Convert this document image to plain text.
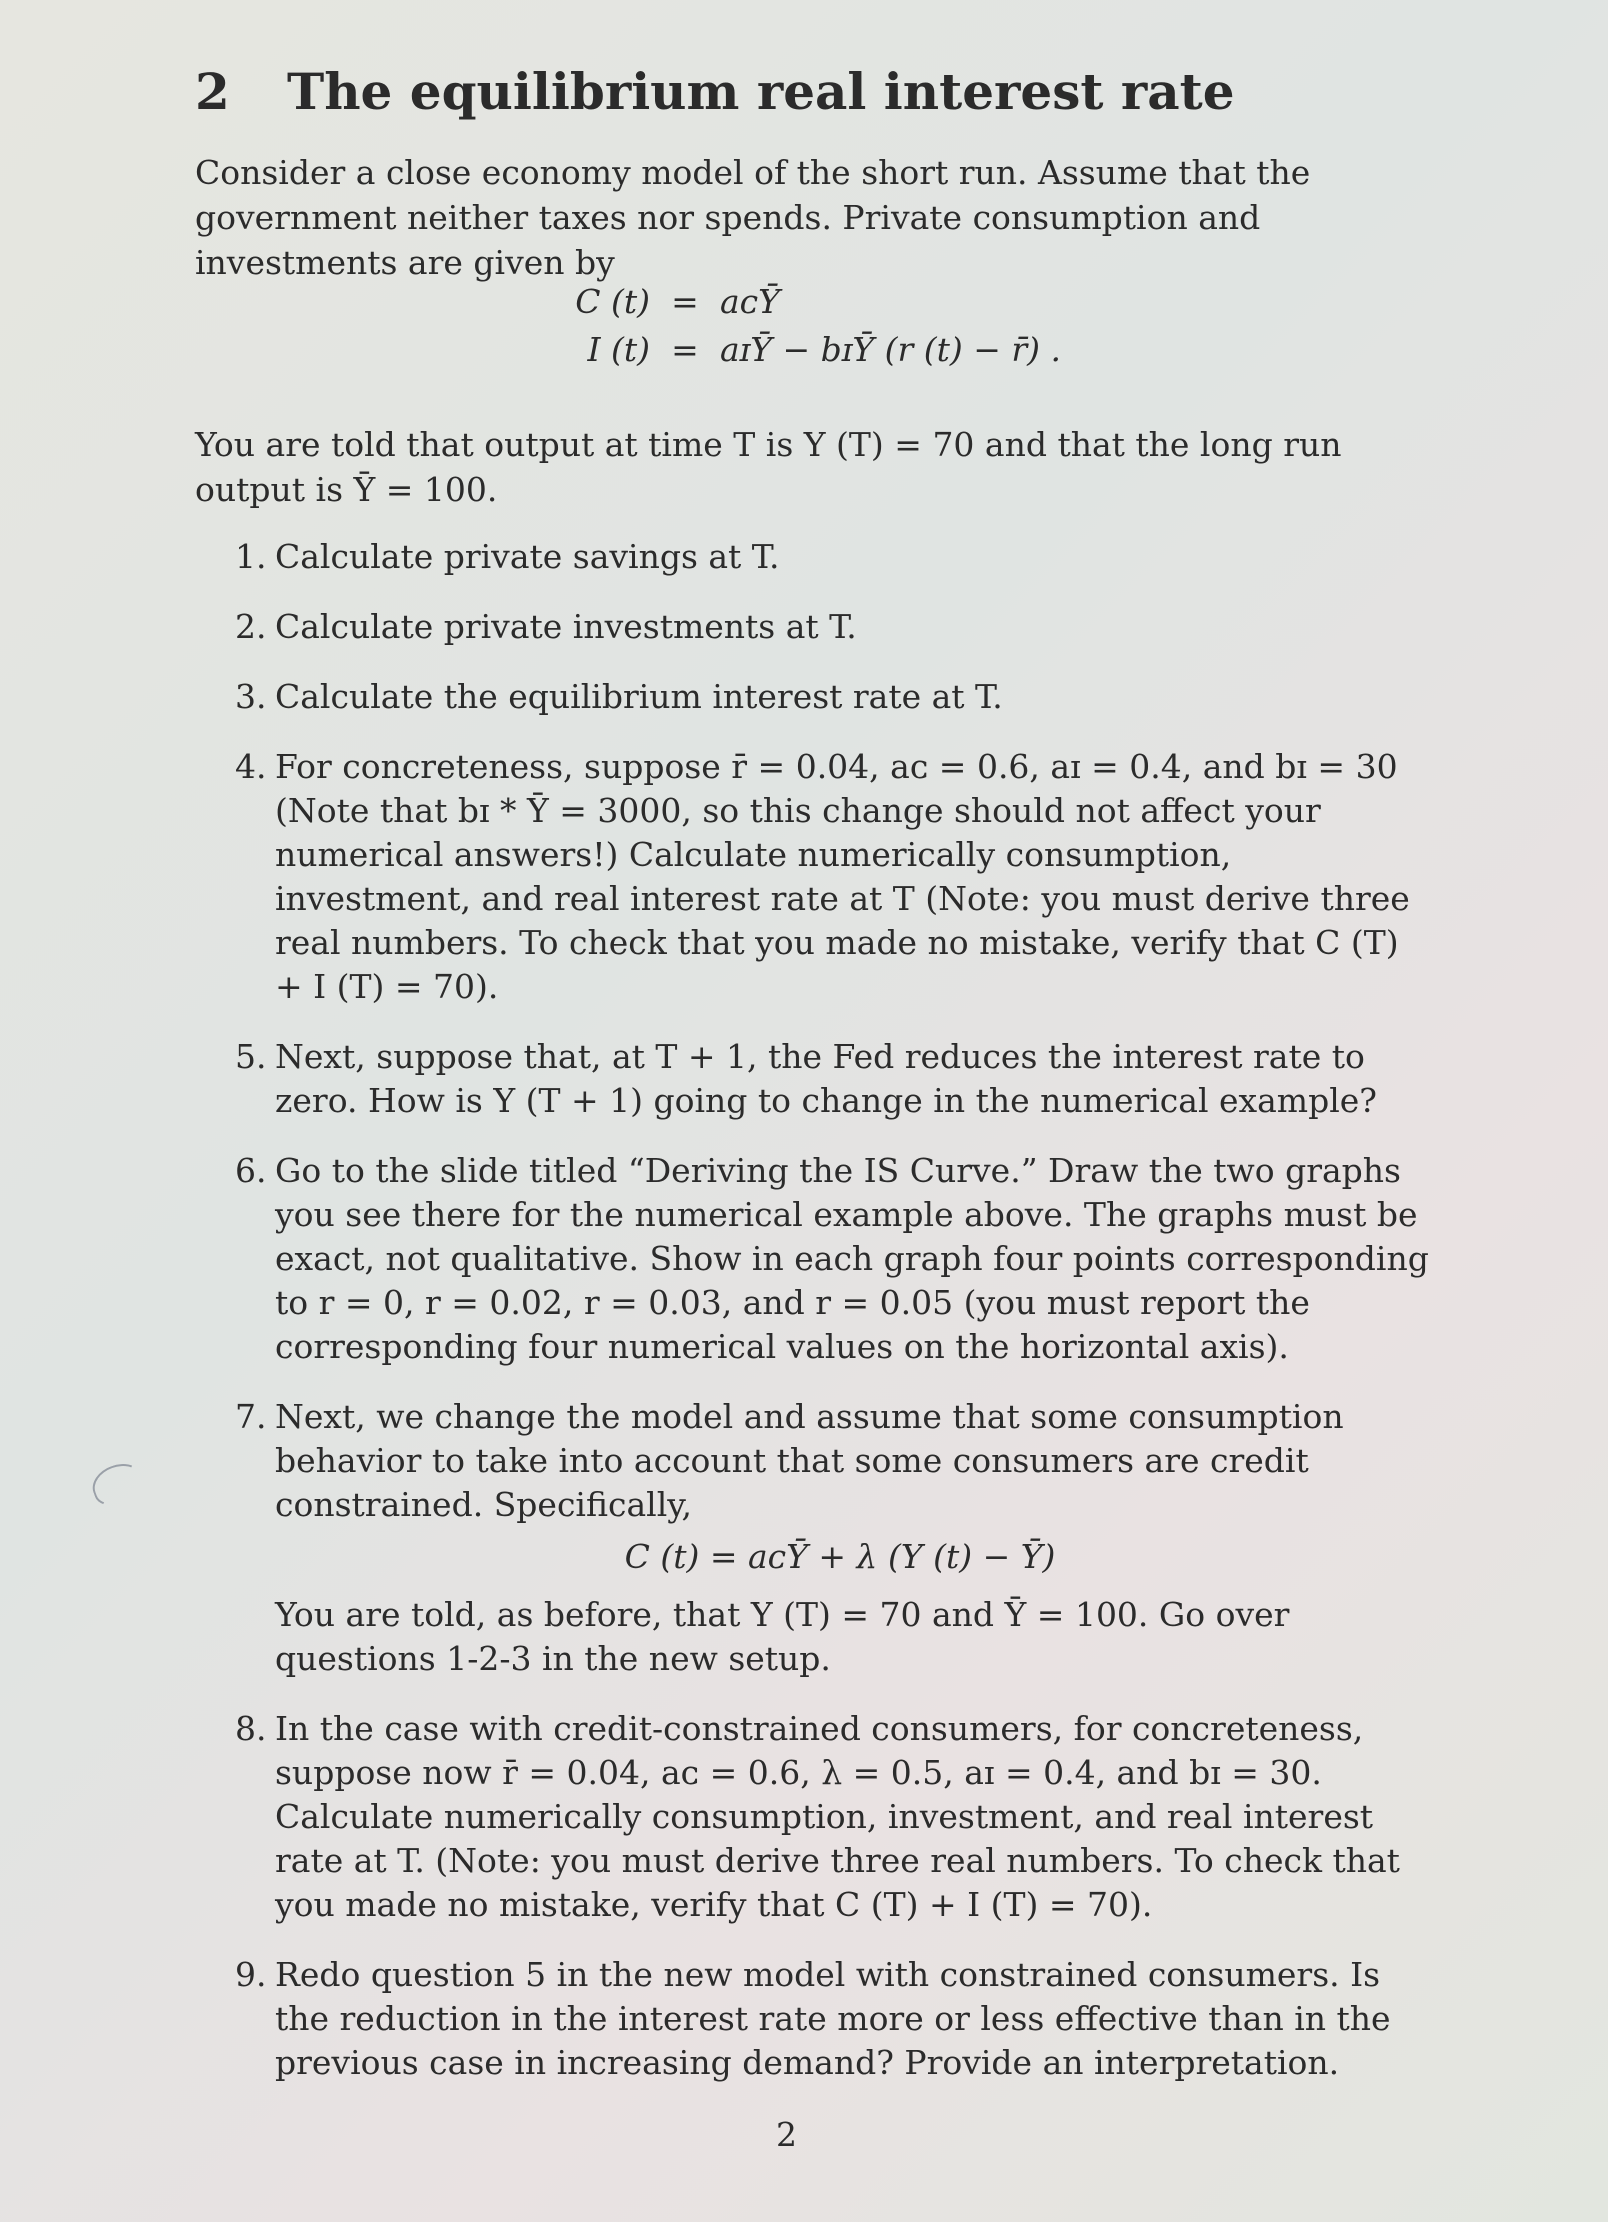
2 The equilibrium real interest rate
Consider a close economy model of the short run. Assume that the government neither taxes nor spends. Private consumption and investments are given by
C (t) = aᴄȲ
I (t) = aɪȲ − bɪȲ (r (t) − r̄) .
You are told that output at time T is Y (T) = 70 and that the long run output is Ȳ = 100.
1. Calculate private savings at T.
2. Calculate private investments at T.
3. Calculate the equilibrium interest rate at T.
4. For concreteness, suppose r̄ = 0.04, aᴄ = 0.6, aɪ = 0.4, and bɪ = 30 (Note that bɪ * Ȳ = 3000, so this change should not affect your numerical answers!) Calculate numerically consumption, investment, and real interest rate at T (Note: you must derive three real numbers. To check that you made no mistake, verify that C (T) + I (T) = 70).
5. Next, suppose that, at T + 1, the Fed reduces the interest rate to zero. How is Y (T + 1) going to change in the numerical example?
6. Go to the slide titled “Deriving the IS Curve.” Draw the two graphs you see there for the numerical example above. The graphs must be exact, not qualitative. Show in each graph four points corresponding to r = 0, r = 0.02, r = 0.03, and r = 0.05 (you must report the corresponding four numerical values on the horizontal axis).
7. Next, we change the model and assume that some consumption behavior to take into account that some consumers are credit constrained. Specifically,
C (t) = aᴄȲ + λ (Y (t) − Ȳ)
You are told, as before, that Y (T) = 70 and Ȳ = 100. Go over questions 1-2-3 in the new setup.
8. In the case with credit-constrained consumers, for concreteness, suppose now r̄ = 0.04, aᴄ = 0.6, λ = 0.5, aɪ = 0.4, and bɪ = 30. Calculate numerically consumption, investment, and real interest rate at T. (Note: you must derive three real numbers. To check that you made no mistake, verify that C (T) + I (T) = 70).
9. Redo question 5 in the new model with constrained consumers. Is the reduction in the interest rate more or less effective than in the previous case in increasing demand? Provide an interpretation.
2
